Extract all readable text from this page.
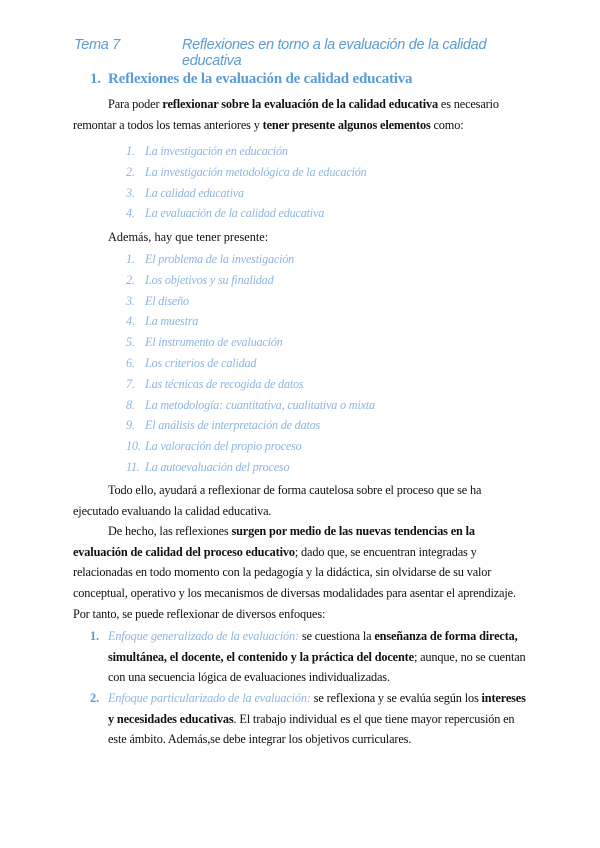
Tema 7	Reflexiones en torno a la evaluación de la calidad educativa
1. Reflexiones de la evaluación de calidad educativa
Para poder reflexionar sobre la evaluación de la calidad educativa es necesario remontar a todos los temas anteriores y tener presente algunos elementos como:
1. La investigación en educación
2. La investigación metodológica de la educación
3. La calidad educativa
4. La evaluación de la calidad educativa
Además, hay que tener presente:
1. El problema de la investigación
2. Los objetivos y su finalidad
3. El diseño
4. La muestra
5. El instrumento de evaluación
6. Los criterios de calidad
7. Las técnicas de recogida de datos
8. La metodología: cuantitativa, cualitativa o mixta
9. El análisis de interpretación de datos
10. La valoración del propio proceso
11. La autoevaluación del proceso
Todo ello, ayudará a reflexionar de forma cautelosa sobre el proceso que se ha ejecutado evaluando la calidad educativa.
De hecho, las reflexiones surgen por medio de las nuevas tendencias en la evaluación de calidad del proceso educativo; dado que, se encuentran integradas y relacionadas en todo momento con la pedagogía y la didáctica, sin olvidarse de su valor conceptual, operativo y los mecanismos de diversas modalidades para asentar el aprendizaje. Por tanto, se puede reflexionar de diversos enfoques:
1. Enfoque generalizado de la evaluación: se cuestiona la enseñanza de forma directa, simultánea, el docente, el contenido y la práctica del docente; aunque, no se cuentan con una secuencia lógica de evaluaciones individualizadas.
2. Enfoque particularizado de la evaluación: se reflexiona y se evalúa según los intereses y necesidades educativas. El trabajo individual es el que tiene mayor repercusión en este ámbito. Además,se debe integrar los objetivos curriculares.
